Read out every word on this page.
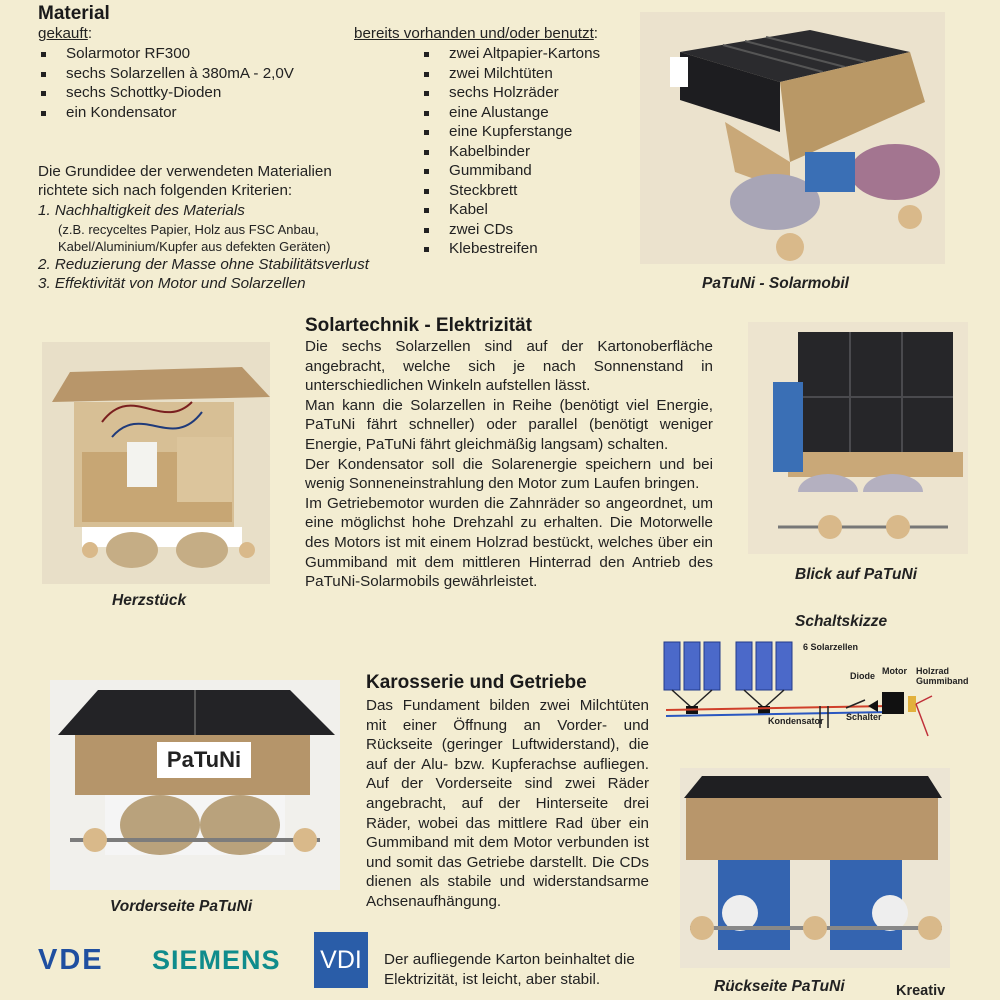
Material
gekauft:
Solarmotor RF300
sechs Solarzellen à 380mA - 2,0V
sechs Schottky-Dioden
ein Kondensator
bereits vorhanden und/oder benutzt:
zwei Altpapier-Kartons
zwei Milchtüten
sechs Holzräder
eine Alustange
eine Kupferstange
Kabelbinder
Gummiband
Steckbrett
Kabel
zwei CDs
Klebestreifen
Die Grundidee der verwendeten Materialien
richtete sich nach folgenden Kriterien:
1. Nachhaltigkeit des Materials
(z.B. recyceltes Papier, Holz aus FSC Anbau,
Kabel/Aluminium/Kupfer aus defekten Geräten)
2. Reduzierung der Masse ohne Stabilitätsverlust
3. Effektivität von Motor und Solarzellen	PaTuNi - Solarmobil
Herzstück
Solartechnik - Elektrizität
Die sechs Solarzellen sind auf der Kartonoberfläche angebracht, welche sich je nach Sonnenstand in unterschiedlichen Winkeln aufstellen lässt.
Man kann die Solarzellen in Reihe (benötigt viel Energie, PaTuNi fährt schneller) oder parallel (benötigt weniger Energie, PaTuNi fährt gleichmäßig langsam) schalten.
Der Kondensator soll die Solarenergie speichern und bei wenig Sonneneinstrahlung den Motor zum Laufen bringen.
Im Getriebemotor wurden die Zahnräder so angeordnet, um eine möglichst hohe Drehzahl zu erhalten. Die Motorwelle des Motors ist mit einem Holzrad bestückt, welches über ein Gummiband mit dem mittleren Hinterrad den Antrieb des PaTuNi-Solarmobils gewährleistet.	Blick auf PaTuNi
Schaltskizze
6 Solarzellen
Diode Motor Holzrad
Gummiband
Kondensator Schalter
PaTuNi
Vorderseite PaTuNi
Karosserie und Getriebe
Das Fundament bilden zwei Milchtüten mit einer Öffnung an Vorder- und Rückseite (geringer Luftwiderstand), die auf der Alu- bzw. Kupferachse aufliegen. Auf der Vorderseite sind zwei Räder angebracht, auf der Hinterseite drei Räder, wobei das mittlere Rad über ein Gummiband mit dem Motor verbunden ist und somit das Getriebe darstellt. Die CDs dienen als stabile und widerstandsarme Achsenaufhängung.
Rückseite PaTuNi	Kreativ
VDE SIEMENS VDI	Der aufliegende Karton beinhaltet die Elektrizität, ist leicht, aber stabil.
